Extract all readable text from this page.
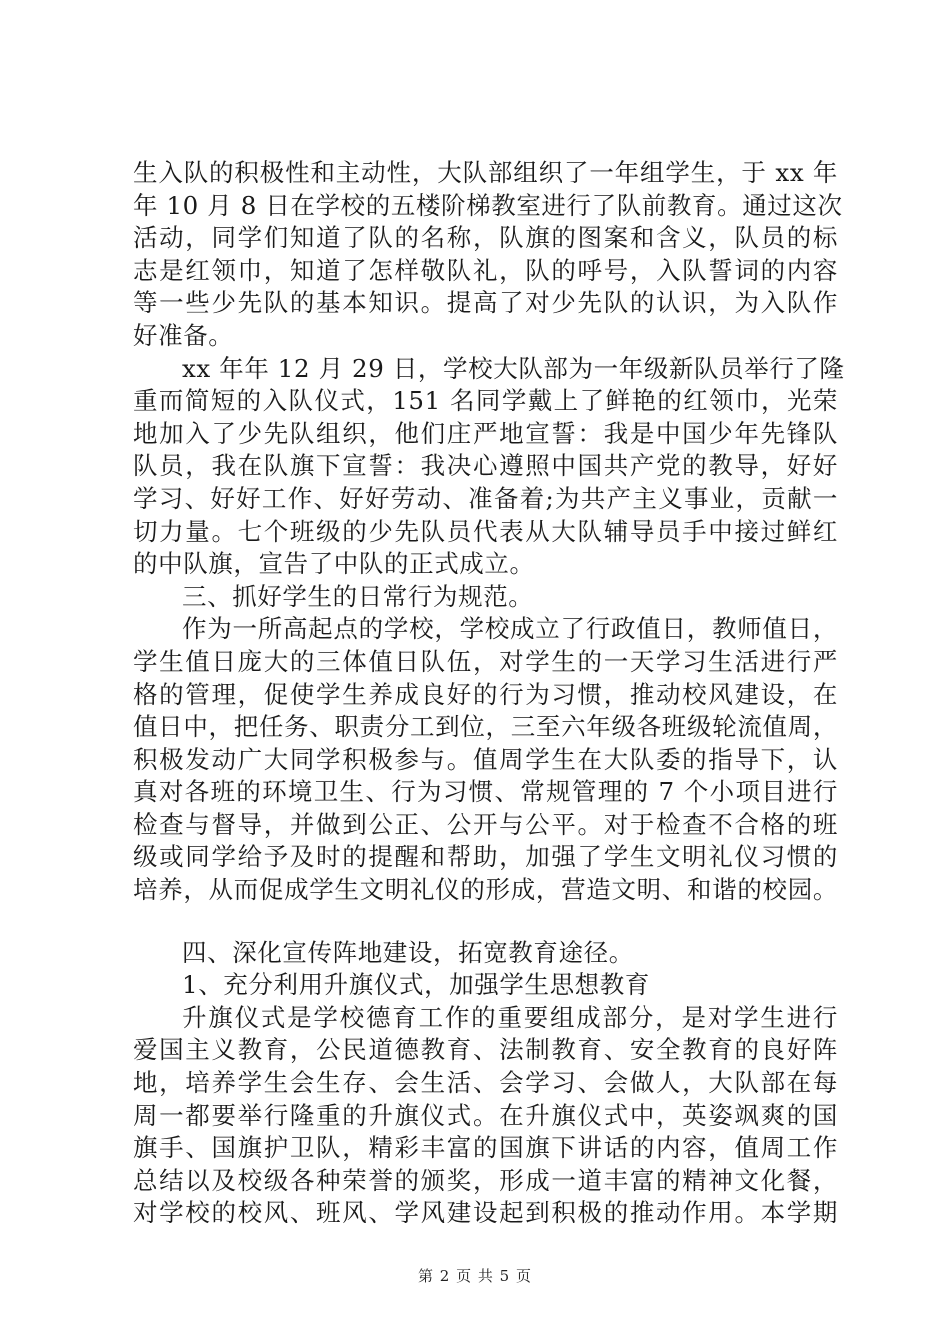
生入队的积极性和主动性，大队部组织了一年组学生，于 xx 年
年 10 月 8 日在学校的五楼阶梯教室进行了队前教育。通过这次
活动，同学们知道了队的名称，队旗的图案和含义，队员的标
志是红领巾，知道了怎样敬队礼，队的呼号，入队誓词的内容
等一些少先队的基本知识。提高了对少先队的认识，为入队作
好准备。
xx 年年 12 月 29 日，学校大队部为一年级新队员举行了隆
重而简短的入队仪式，151 名同学戴上了鲜艳的红领巾，光荣
地加入了少先队组织，他们庄严地宣誓：我是中国少年先锋队
队员，我在队旗下宣誓：我决心遵照中国共产党的教导，好好
学习、好好工作、好好劳动、准备着;为共产主义事业，贡献一
切力量。七个班级的少先队员代表从大队辅导员手中接过鲜红
的中队旗，宣告了中队的正式成立。
三、抓好学生的日常行为规范。
作为一所高起点的学校，学校成立了行政值日，教师值日，
学生值日庞大的三体值日队伍，对学生的一天学习生活进行严
格的管理，促使学生养成良好的行为习惯，推动校风建设，在
值日中，把任务、职责分工到位，三至六年级各班级轮流值周，
积极发动广大同学积极参与。值周学生在大队委的指导下，认
真对各班的环境卫生、行为习惯、常规管理的 7 个小项目进行
检查与督导，并做到公正、公开与公平。对于检查不合格的班
级或同学给予及时的提醒和帮助，加强了学生文明礼仪习惯的
培养，从而促成学生文明礼仪的形成，营造文明、和谐的校园。
四、深化宣传阵地建设，拓宽教育途径。
1、充分利用升旗仪式，加强学生思想教育
升旗仪式是学校德育工作的重要组成部分，是对学生进行
爱国主义教育，公民道德教育、法制教育、安全教育的良好阵
地，培养学生会生存、会生活、会学习、会做人，大队部在每
周一都要举行隆重的升旗仪式。在升旗仪式中，英姿飒爽的国
旗手、国旗护卫队，精彩丰富的国旗下讲话的内容，值周工作
总结以及校级各种荣誉的颁奖，形成一道丰富的精神文化餐，
对学校的校风、班风、学风建设起到积极的推动作用。本学期
第 2 页 共 5 页
